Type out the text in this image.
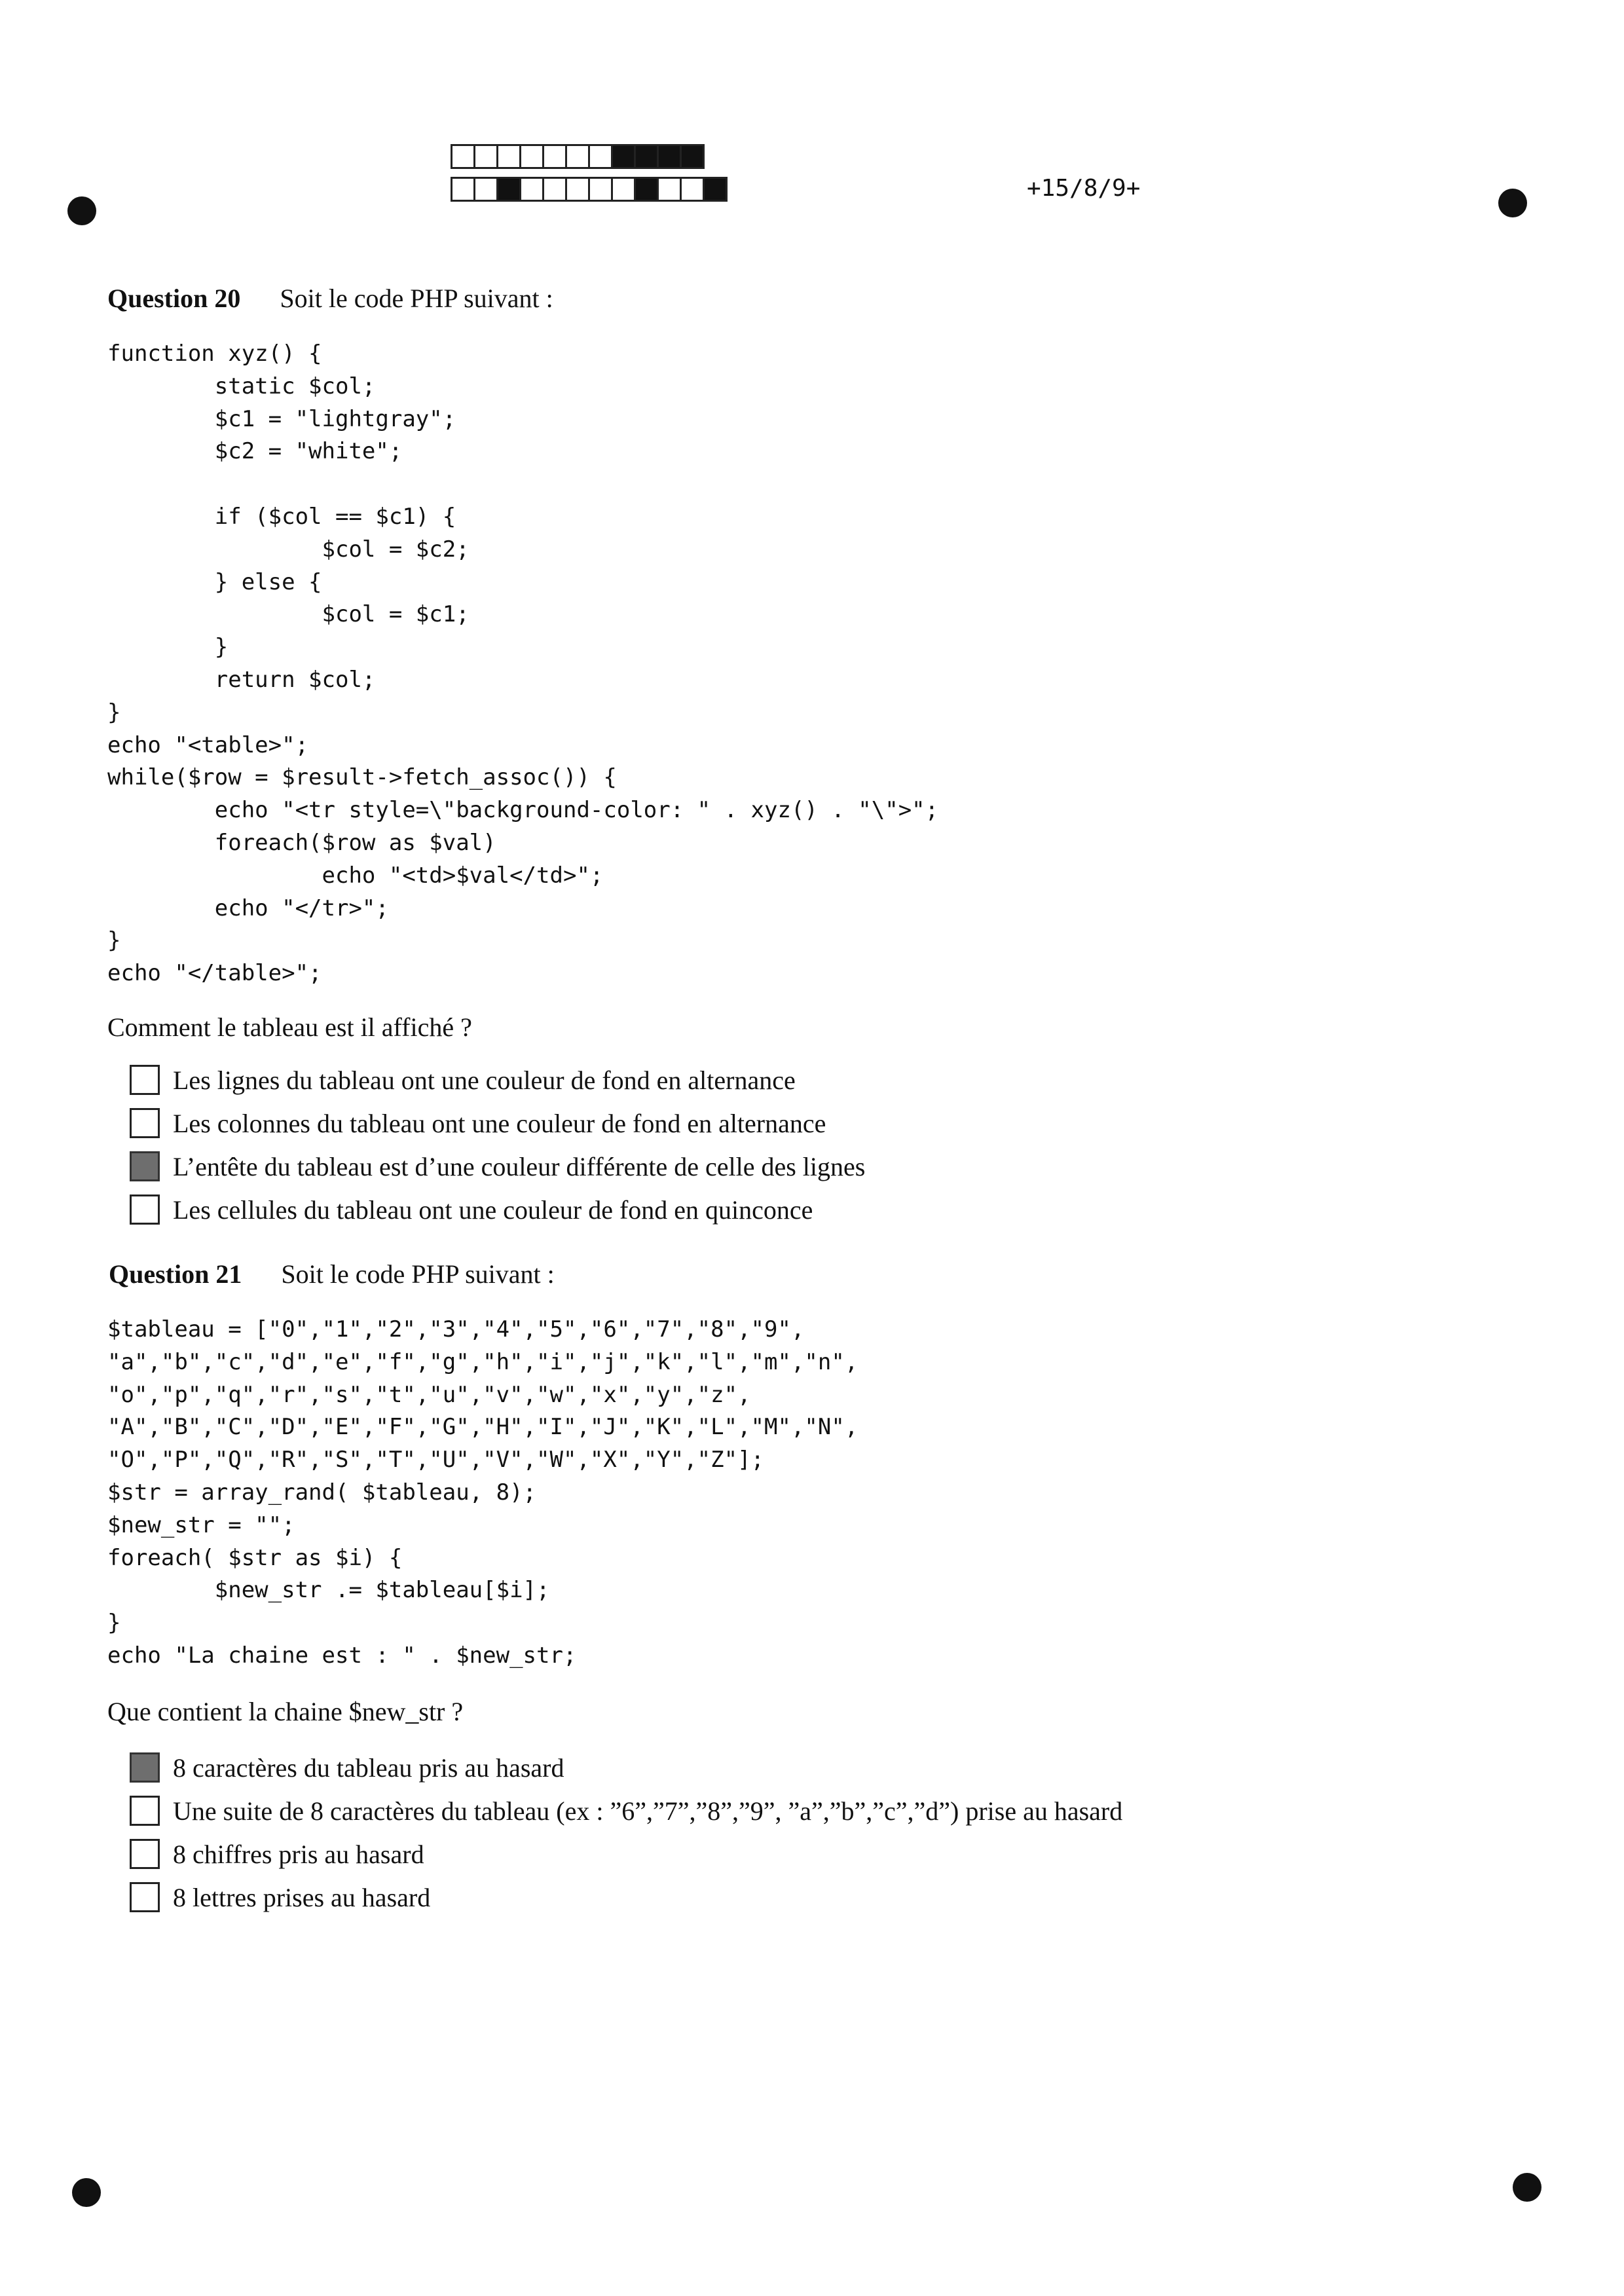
+15/8/9+
Question 20 Soit le code PHP suivant :
function xyz() {
static $col;
$c1 = "lightgray";
$c2 = "white";

if ($col == $c1) {
$col = $c2;
} else {
$col = $c1;
}
return $col;
}
echo "<table>";
while($row = $result->fetch_assoc()) {
echo "<tr style=\"background-color: " . xyz() . "\">";
foreach($row as $val)
echo "<td>$val</td>";
echo "</tr>";
}
echo "</table>";
Comment le tableau est il affiché ?
Les lignes du tableau ont une couleur de fond en alternance
Les colonnes du tableau ont une couleur de fond en alternance
L’entête du tableau est d’une couleur différente de celle des lignes
Les cellules du tableau ont une couleur de fond en quinconce
Question 21 Soit le code PHP suivant :
$tableau = ["0","1","2","3","4","5","6","7","8","9",
"a","b","c","d","e","f","g","h","i","j","k","l","m","n",
"o","p","q","r","s","t","u","v","w","x","y","z",
"A","B","C","D","E","F","G","H","I","J","K","L","M","N",
"O","P","Q","R","S","T","U","V","W","X","Y","Z"];
$str = array_rand( $tableau, 8);
$new_str = "";
foreach( $str as $i) {
$new_str .= $tableau[$i];
}
echo "La chaine est : " . $new_str;
Que contient la chaine $new_str ?
8 caractères du tableau pris au hasard
Une suite de 8 caractères du tableau (ex : ”6”,”7”,”8”,”9”, ”a”,”b”,”c”,”d”) prise au hasard
8 chiffres pris au hasard
8 lettres prises au hasard
